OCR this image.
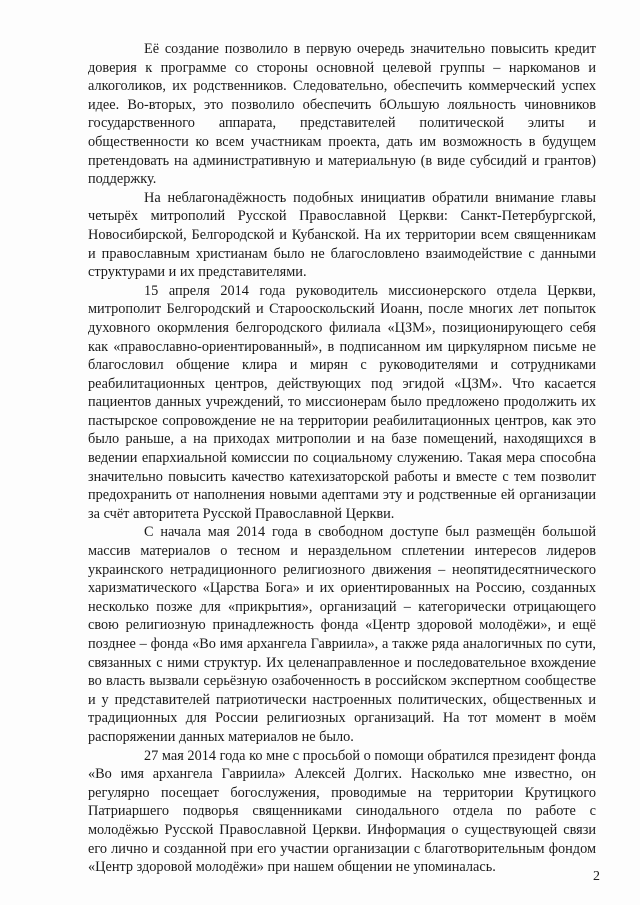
Её создание позволило в первую очередь значительно повысить кредит доверия к программе со стороны основной целевой группы – наркоманов и алкоголиков, их родственников. Следовательно, обеспечить коммерческий успех идее. Во-вторых, это позволило обеспечить бОльшую лояльность чиновников государственного аппарата, представителей политической элиты и общественности ко всем участникам проекта, дать им возможность в будущем претендовать на административную и материальную (в виде субсидий и грантов) поддержку.

На неблагонадёжность подобных инициатив обратили внимание главы четырёх митрополий Русской Православной Церкви: Санкт-Петербургской, Новосибирской, Белгородской и Кубанской. На их территории всем священникам и православным христианам было не благословлено взаимодействие с данными структурами и их представителями.

15 апреля 2014 года руководитель миссионерского отдела Церкви, митрополит Белгородский и Старооскольский Иоанн, после многих лет попыток духовного окормления белгородского филиала «ЦЗМ», позиционирующего себя как «православно-ориентированный», в подписанном им циркулярном письме не благословил общение клира и мирян с руководителями и сотрудниками реабилитационных центров, действующих под эгидой «ЦЗМ». Что касается пациентов данных учреждений, то миссионерам было предложено продолжить их пастырское сопровождение не на территории реабилитационных центров, как это было раньше, а на приходах митрополии и на базе помещений, находящихся в ведении епархиальной комиссии по социальному служению. Такая мера способна значительно повысить качество катехизаторской работы и вместе с тем позволит предохранить от наполнения новыми адептами эту и родственные ей организации за счёт авторитета Русской Православной Церкви.

С начала мая 2014 года в свободном доступе был размещён большой массив материалов о тесном и нераздельном сплетении интересов лидеров украинского нетрадиционного религиозного движения – неопятидесятнического харизматического «Царства Бога» и их ориентированных на Россию, созданных несколько позже для «прикрытия», организаций – категорически отрицающего свою религиозную принадлежность фонда «Центр здоровой молодёжи», и ещё позднее – фонда «Во имя архангела Гавриила», а также ряда аналогичных по сути, связанных с ними структур. Их целенаправленное и последовательное вхождение во власть вызвали серьёзную озабоченность в российском экспертном сообществе и у представителей патриотически настроенных политических, общественных и традиционных для России религиозных организаций. На тот момент в моём распоряжении данных материалов не было.

27 мая 2014 года ко мне с просьбой о помощи обратился президент фонда «Во имя архангела Гавриила» Алексей Долгих. Насколько мне известно, он регулярно посещает богослужения, проводимые на территории Крутицкого Патриаршего подворья священниками синодального отдела по работе с молодёжью Русской Православной Церкви. Информация о существующей связи его лично и созданной при его участии организации с благотворительным фондом «Центр здоровой молодёжи» при нашем общении не упоминалась.

2
